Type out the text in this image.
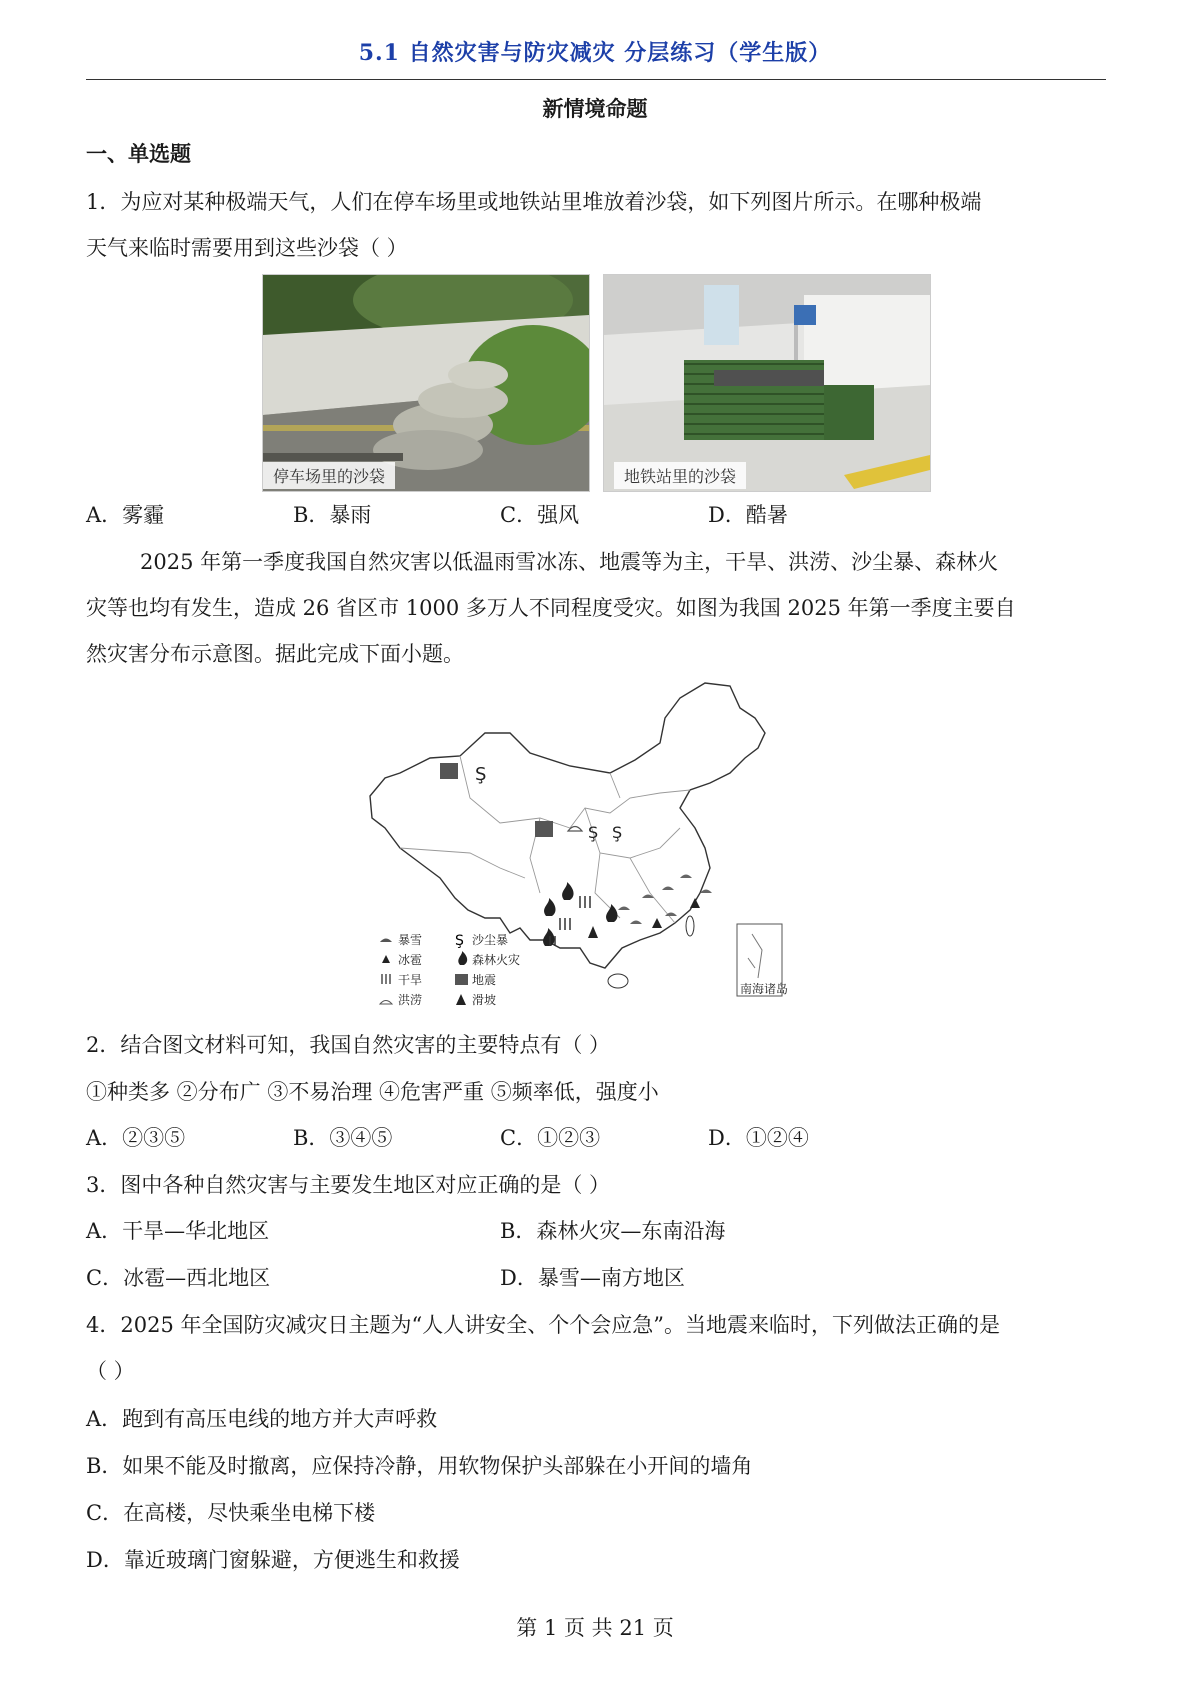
5.1 自然灾害与防灾减灾 分层练习（学生版）
新情境命题
一、单选题
1．为应对某种极端天气，人们在停车场里或地铁站里堆放着沙袋，如下列图片所示。在哪种极端
天气来临时需要用到这些沙袋（ ）
停车场里的沙袋	地铁站里的沙袋
A．雾霾	B．暴雨	C．强风	D．酷暑
2025 年第一季度我国自然灾害以低温雨雪冰冻、地震等为主，干旱、洪涝、沙尘暴、森林火
灾等也均有发生，造成 26 省区市 1000 多万人不同程度受灾。如图为我国 2025 年第一季度主要自
然灾害分布示意图。据此完成下面小题。
南海诸岛
Ş
Ş Ş
暴雪 Ş 沙尘暴
冰雹	森林火灾
干旱	地震
洪涝	滑坡
2．结合图文材料可知，我国自然灾害的主要特点有（ ）
①种类多 ②分布广 ③不易治理 ④危害严重 ⑤频率低，强度小
A．②③⑤	B．③④⑤	C．①②③	D．①②④
3．图中各种自然灾害与主要发生地区对应正确的是（ ）
A．干旱—华北地区	B．森林火灾—东南沿海
C．冰雹—西北地区	D．暴雪—南方地区
4．2025 年全国防灾减灾日主题为“人人讲安全、个个会应急”。当地震来临时，下列做法正确的是
（ ）
A．跑到有高压电线的地方并大声呼救
B．如果不能及时撤离，应保持冷静，用软物保护头部躲在小开间的墙角
C．在高楼，尽快乘坐电梯下楼
D．靠近玻璃门窗躲避，方便逃生和救援
第 1 页 共 21 页
